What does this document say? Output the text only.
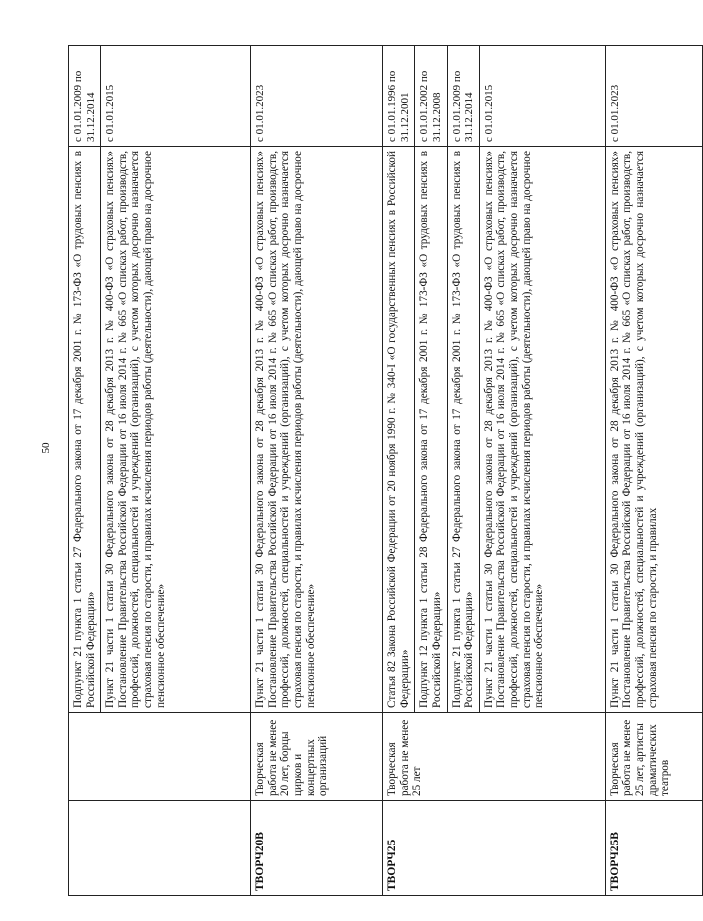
50
			Подпункт 21 пункта 1 статьи 27 Федерального закона от 17 декабря 2001 г. № 173-ФЗ «О трудовых пенсиях в Российской Федерации»	с 01.01.2009 по 31.12.2014
		Пункт 21 части 1 статьи 30 Федерального закона от 28 декабря 2013 г. № 400-ФЗ «О страховых пенсиях» Постановление Правительства Российской Федерации от 16 июля 2014 г. № 665 «О списках работ, производств, профессий, должностей, специальностей и учреждений (организаций), с учетом которых досрочно назначается страховая пенсия по старости, и правилах исчисления периодов работы (деятельности), дающей право на досрочное пенсионное обеспечение»	с 01.01.2015
ТВОРЧ20В	Творческая работа не менее 20 лет, борцы цирков и концертных организаций	Пункт 21 части 1 статьи 30 Федерального закона от 28 декабря 2013 г. № 400-ФЗ «О страховых пенсиях» Постановление Правительства Российской Федерации от 16 июля 2014 г. № 665 «О списках работ, производств, профессий, должностей, специальностей и учреждений (организаций), с учетом которых досрочно назначается страховая пенсия по старости, и правилах исчисления периодов работы (деятельности), дающей право на досрочное пенсионное обеспечение»	с 01.01.2023
ТВОРЧ25	Творческая работа не менее 25 лет	Статья 82 Закона Российской Федерации от 20 ноября 1990 г. № 340-I «О государственных пенсиях в Российской Федерации»	с 01.01.1996 по 31.12.2001
		Подпункт 12 пункта 1 статьи 28 Федерального закона от 17 декабря 2001 г. № 173-ФЗ «О трудовых пенсиях в Российской Федерации»	с 01.01.2002 по 31.12.2008
		Подпункт 21 пункта 1 статьи 27 Федерального закона от 17 декабря 2001 г. № 173-ФЗ «О трудовых пенсиях в Российской Федерации»	с 01.01.2009 по 31.12.2014
		Пункт 21 части 1 статьи 30 Федерального закона от 28 декабря 2013 г. № 400-ФЗ «О страховых пенсиях» Постановление Правительства Российской Федерации от 16 июля 2014 г. № 665 «О списках работ, производств, профессий, должностей, специальностей и учреждений (организаций), с учетом которых досрочно назначается страховая пенсия по старости, и правилах исчисления периодов работы (деятельности), дающей право на досрочное пенсионное обеспечение»	с 01.01.2015
ТВОРЧ25В	Творческая работа не менее 25 лет, артисты драматических театров	Пункт 21 части 1 статьи 30 Федерального закона от 28 декабря 2013 г. № 400-ФЗ «О страховых пенсиях» Постановление Правительства Российской Федерации от 16 июля 2014 г. № 665 «О списках работ, производств, профессий, должностей, специальностей и учреждений (организаций), с учетом которых досрочно назначается страховая пенсия по старости, и правилах	с 01.01.2023
